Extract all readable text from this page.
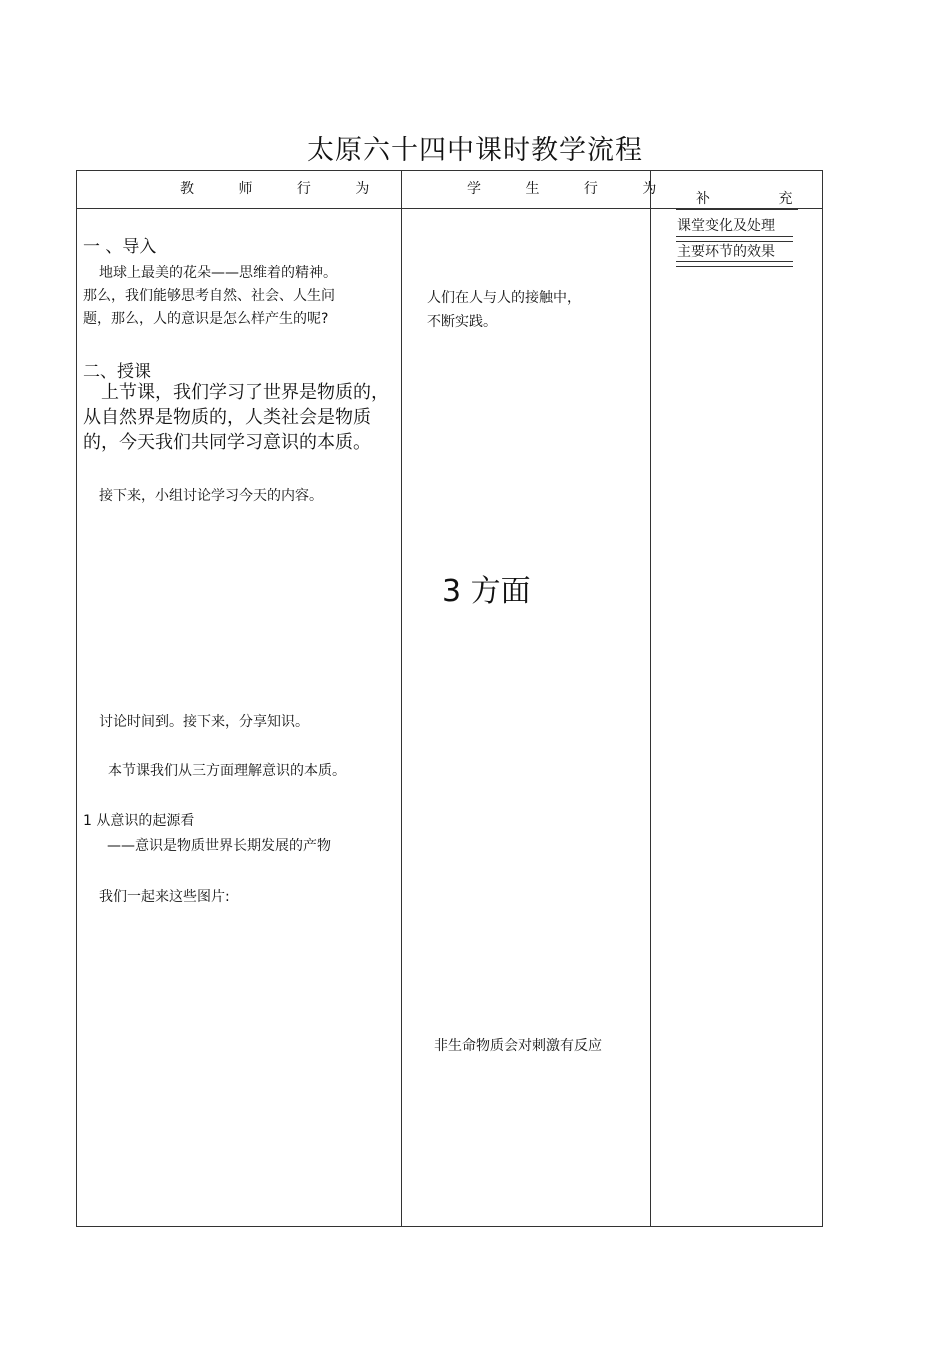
太原六十四中课时教学流程
教 师 行 为	学 生 行 为
补 充
课堂变化及处理
主要环节的效果
一 、导入
地球上最美的花朵——思维着的精神。
那么，我们能够思考自然、社会、人生问
题，那么，人的意识是怎么样产生的呢?
二、授课
上节课，我们学习了世界是物质的，
从自然界是物质的，人类社会是物质
的，今天我们共同学习意识的本质。
接下来，小组讨论学习今天的内容。
讨论时间到。接下来，分享知识。
本节课我们从三方面理解意识的本质。
1 从意识的起源看
——意识是物质世界长期发展的产物
我们一起来这些图片:
人们在人与人的接触中，
不断实践。
3 方面
非生命物质会对刺激有反应
